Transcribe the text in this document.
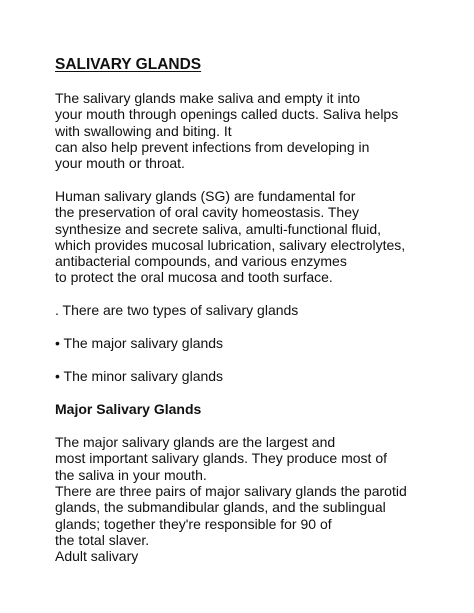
SALIVARY GLANDS

The salivary glands make saliva and empty it into
your mouth through openings called ducts. Saliva helps
with swallowing and biting. It
can also help prevent infections from developing in
your mouth or throat.

Human salivary glands (SG) are fundamental for
the preservation of oral cavity homeostasis. They
synthesize and secrete saliva, amulti-functional fluid,
which provides mucosal lubrication, salivary electrolytes,
antibacterial compounds, and various enzymes
to protect the oral mucosa and tooth surface.

. There are two types of salivary glands

• The major salivary glands

• The minor salivary glands

Major Salivary Glands

The major salivary glands are the largest and
most important salivary glands. They produce most of
the saliva in your mouth.
There are three pairs of major salivary glands the parotid
glands, the submandibular glands, and the sublingual
glands; together they're responsible for 90 of
the total slaver.
Adult salivary
